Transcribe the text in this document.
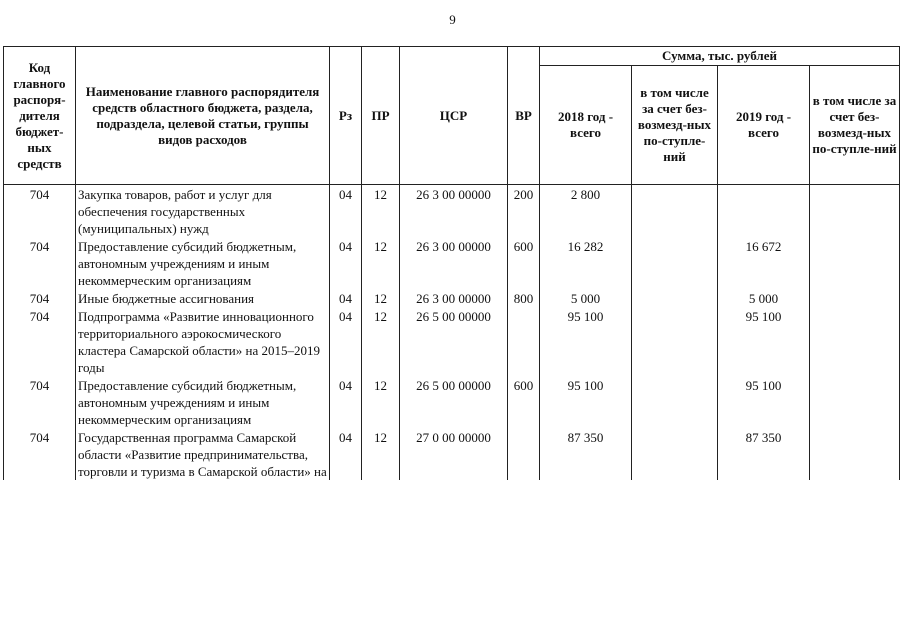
9
Код главного распоря-дителя бюджет-ных средств	Наименование главного распорядителя средств областного бюджета, раздела, подраздела, целевой статьи, группы видов расходов	Рз	ПР	ЦСР	ВР	Сумма, тыс. рублей			
						2018 год - всего	в том числе за счет без-возмезд-ных по-ступле-ний	2019 год - всего	в том числе за счет без-возмезд-ных по-ступле-ний
704	Закупка товаров, работ и услуг для обеспечения государственных (муниципальных) нужд	04	12	26 3 00 00000	200	2 800			
704	Предоставление субсидий бюджетным, автономным учреждениям и иным некоммерческим организациям	04	12	26 3 00 00000	600	16 282		16 672	
704	Иные бюджетные ассигнования	04	12	26 3 00 00000	800	5 000		5 000	
704	Подпрограмма «Развитие инновационного территориального аэрокосмического кластера Самарской области» на 2015–2019 годы	04	12	26 5 00 00000		95 100		95 100	
704	Предоставление субсидий бюджетным, автономным учреждениям и иным некоммерческим организациям	04	12	26 5 00 00000	600	95 100		95 100	
704	Государственная программа Самарской области «Развитие предпринимательства, торговли и туризма в Самарской области» на	04	12	27 0 00 00000		87 350		87 350	
